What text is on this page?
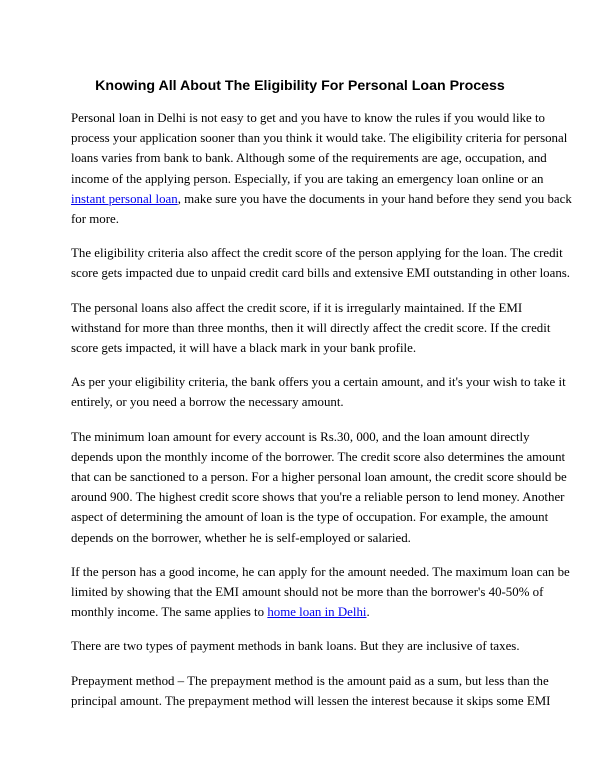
Knowing All About The Eligibility For Personal Loan Process

Personal loan in Delhi is not easy to get and you have to know the rules if you would like to
process your application sooner than you think it would take. The eligibility criteria for personal
loans varies from bank to bank. Although some of the requirements are age, occupation, and
income of the applying person. Especially, if you are taking an emergency loan online or an
instant personal loan, make sure you have the documents in your hand before they send you back
for more.

The eligibility criteria also affect the credit score of the person applying for the loan. The credit
score gets impacted due to unpaid credit card bills and extensive EMI outstanding in other loans.

The personal loans also affect the credit score, if it is irregularly maintained. If the EMI
withstand for more than three months, then it will directly affect the credit score. If the credit
score gets impacted, it will have a black mark in your bank profile.

As per your eligibility criteria, the bank offers you a certain amount, and it's your wish to take it
entirely, or you need a borrow the necessary amount.

The minimum loan amount for every account is Rs.30, 000, and the loan amount directly
depends upon the monthly income of the borrower. The credit score also determines the amount
that can be sanctioned to a person. For a higher personal loan amount, the credit score should be
around 900. The highest credit score shows that you're a reliable person to lend money. Another
aspect of determining the amount of loan is the type of occupation. For example, the amount
depends on the borrower, whether he is self-employed or salaried.

If the person has a good income, he can apply for the amount needed. The maximum loan can be
limited by showing that the EMI amount should not be more than the borrower's 40-50% of
monthly income. The same applies to home loan in Delhi.

There are two types of payment methods in bank loans. But they are inclusive of taxes.

Prepayment method – The prepayment method is the amount paid as a sum, but less than the
principal amount. The prepayment method will lessen the interest because it skips some EMI
